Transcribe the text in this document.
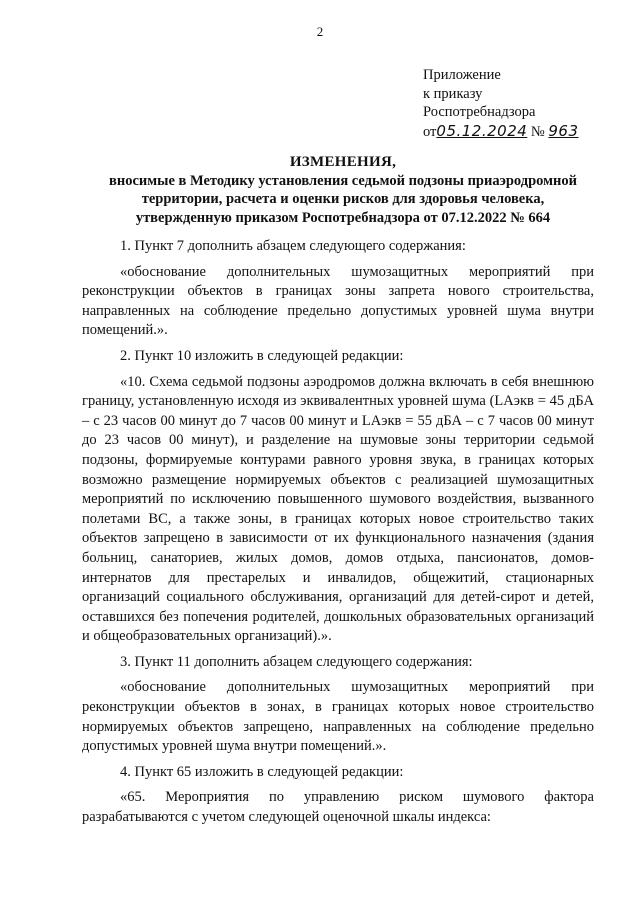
2
Приложение
к приказу
Роспотребнадзора
от05.12.2024 № 963
ИЗМЕНЕНИЯ,
вносимые в Методику установления седьмой подзоны приаэродромной
территории, расчета и оценки рисков для здоровья человека,
утвержденную приказом Роспотребнадзора от 07.12.2022 № 664

1. Пункт 7 дополнить абзацем следующего содержания:

«обоснование дополнительных шумозащитных мероприятий при реконструкции объектов в границах зоны запрета нового строительства, направленных на соблюдение предельно допустимых уровней шума внутри помещений.».

2. Пункт 10 изложить в следующей редакции:

«10. Схема седьмой подзоны аэродромов должна включать в себя внешнюю границу, установленную исходя из эквивалентных уровней шума (LAэкв = 45 дБА – с 23 часов 00 минут до 7 часов 00 минут и LAэкв = 55 дБА – с 7 часов 00 минут до 23 часов 00 минут), и разделение на шумовые зоны территории седьмой подзоны, формируемые контурами равного уровня звука, в границах которых возможно размещение нормируемых объектов с реализацией шумозащитных мероприятий по исключению повышенного шумового воздействия, вызванного полетами ВС, а также зоны, в границах которых новое строительство таких объектов запрещено в зависимости от их функционального назначения (здания больниц, санаториев, жилых домов, домов отдыха, пансионатов, домов-интернатов для престарелых и инвалидов, общежитий, стационарных организаций социального обслуживания, организаций для детей-сирот и детей, оставшихся без попечения родителей, дошкольных образовательных организаций и общеобразовательных организаций).».

3. Пункт 11 дополнить абзацем следующего содержания:

«обоснование дополнительных шумозащитных мероприятий при реконструкции объектов в зонах, в границах которых новое строительство нормируемых объектов запрещено, направленных на соблюдение предельно допустимых уровней шума внутри помещений.».

4. Пункт 65 изложить в следующей редакции:

«65. Мероприятия по управлению риском шумового фактора разрабатываются с учетом следующей оценочной шкалы индекса:
